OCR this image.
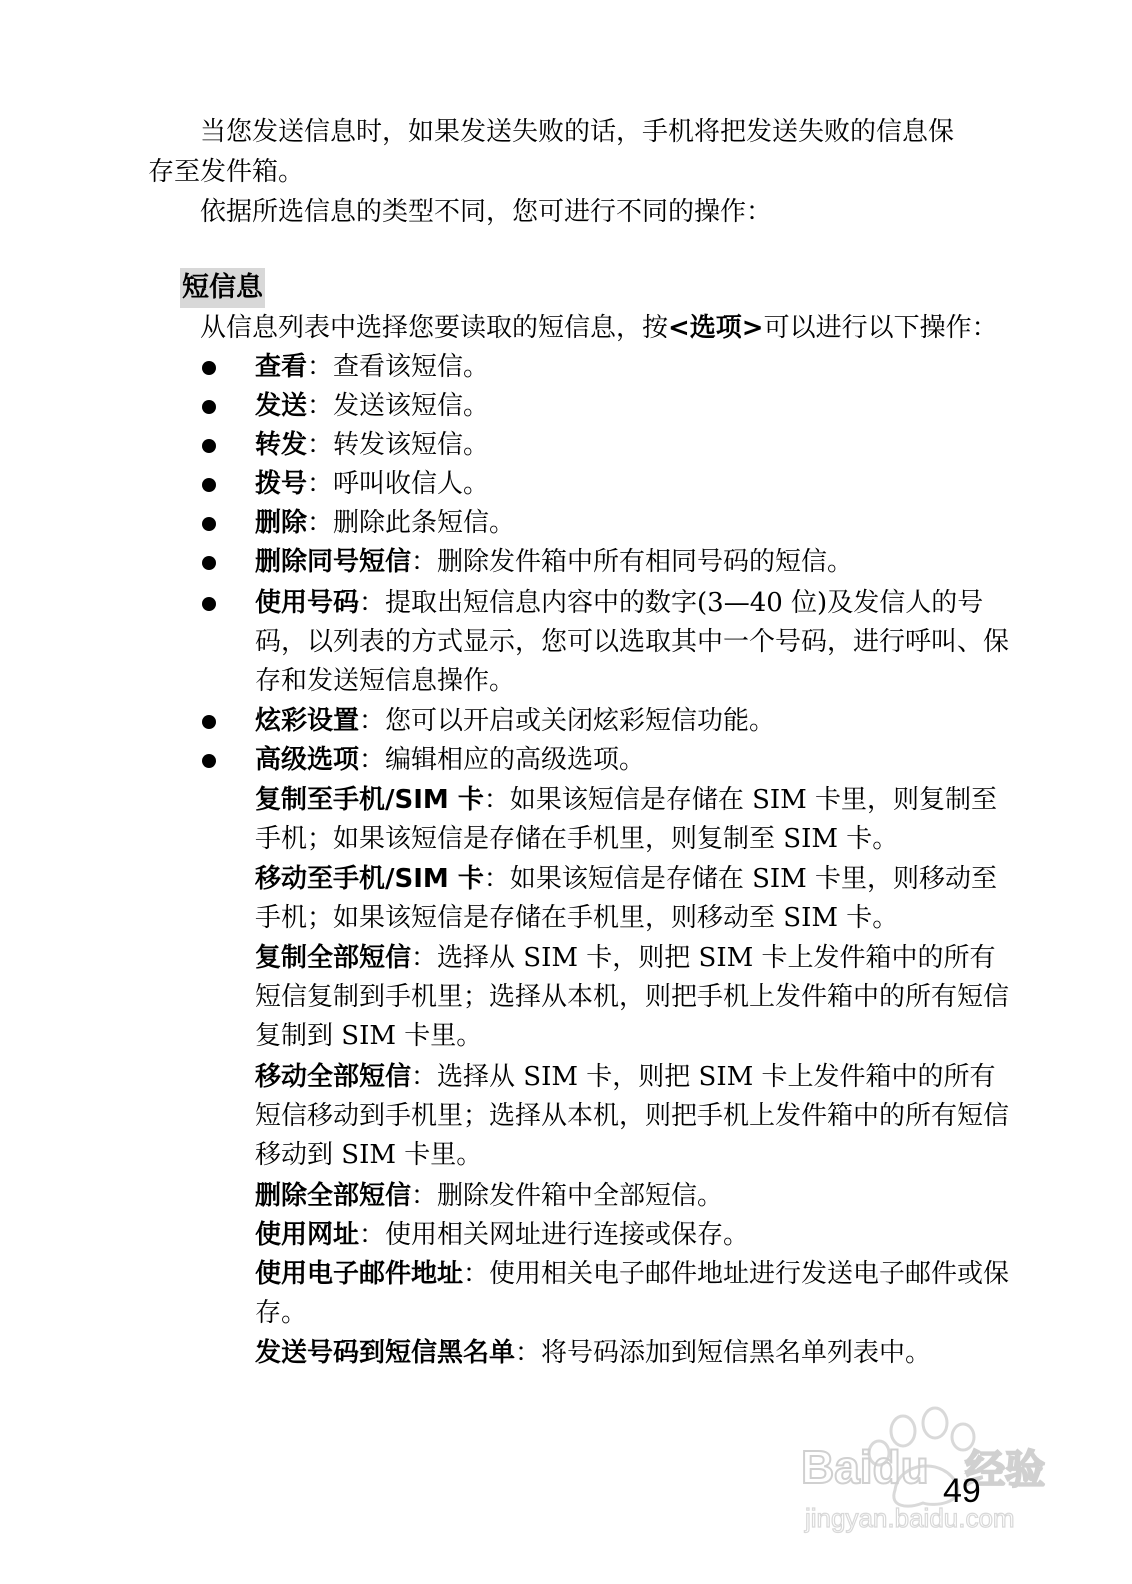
当您发送信息时，如果发送失败的话，手机将把发送失败的信息保
存至发件箱。
依据所选信息的类型不同，您可进行不同的操作：
短信息
从信息列表中选择您要读取的短信息，按<选项>可以进行以下操作：
查看：查看该短信。
发送：发送该短信。
转发：转发该短信。
拨号：呼叫收信人。
删除：删除此条短信。
删除同号短信：删除发件箱中所有相同号码的短信。
使用号码：提取出短信息内容中的数字(3—40 位)及发信人的号码，以列表的方式显示，您可以选取其中一个号码，进行呼叫、保存和发送短信息操作。
炫彩设置：您可以开启或关闭炫彩短信功能。
高级选项：编辑相应的高级选项。
复制至手机/SIM 卡：如果该短信是存储在 SIM 卡里，则复制至手机；如果该短信是存储在手机里，则复制至 SIM 卡。
移动至手机/SIM 卡：如果该短信是存储在 SIM 卡里，则移动至手机；如果该短信是存储在手机里，则移动至 SIM 卡。
复制全部短信：选择从 SIM 卡，则把 SIM 卡上发件箱中的所有短信复制到手机里；选择从本机，则把手机上发件箱中的所有短信复制到 SIM 卡里。
移动全部短信：选择从 SIM 卡，则把 SIM 卡上发件箱中的所有短信移动到手机里；选择从本机，则把手机上发件箱中的所有短信移动到 SIM 卡里。
删除全部短信：删除发件箱中全部短信。
使用网址：使用相关网址进行连接或保存。
使用电子邮件地址：使用相关电子邮件地址进行发送电子邮件或保存。
发送号码到短信黑名单：将号码添加到短信黑名单列表中。
Baidu 经验
jingyan.baidu.com
49
